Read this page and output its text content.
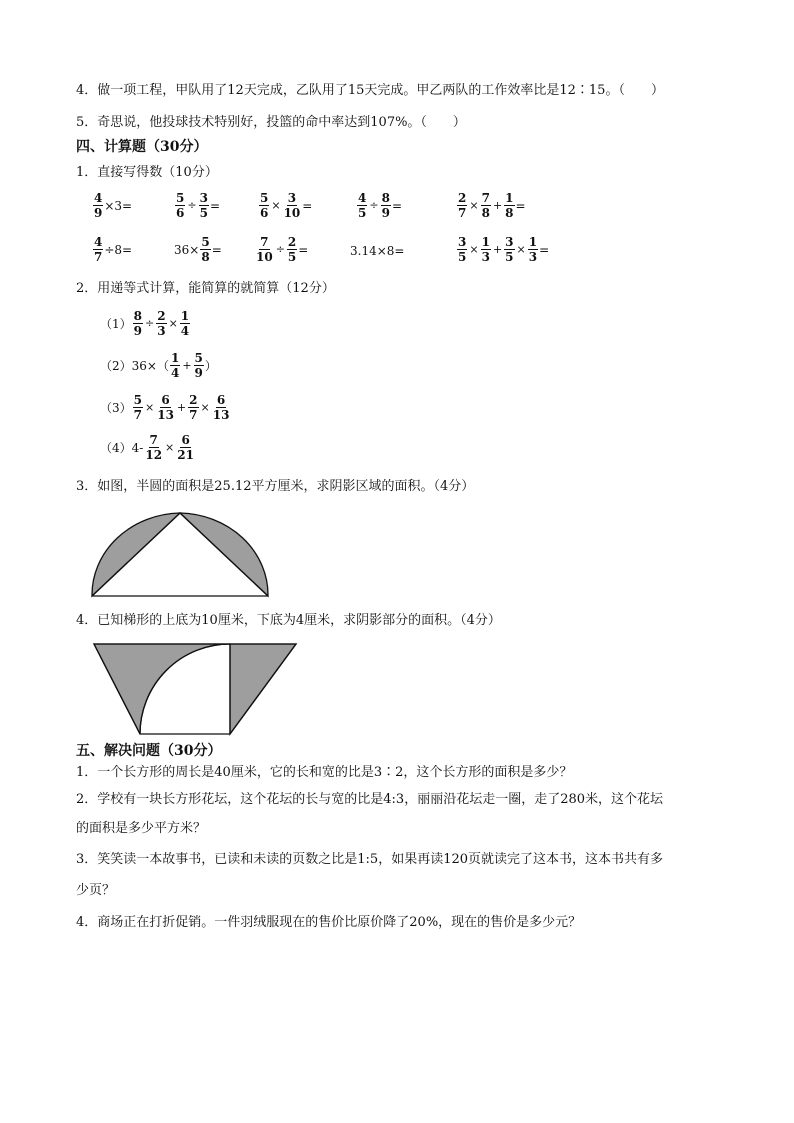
4．做一项工程，甲队用了12天完成，乙队用了15天完成。甲乙两队的工作效率比是12∶15。（　　）
5．奇思说，他投球技术特别好，投篮的命中率达到107%。（　　）
四、计算题（30分）
1．直接写得数（10分）
$\frac{4}{9} \times 3=$	$\frac{5}{6} \div \frac{3}{5}$ =	$\frac{5}{6} \times \frac{3}{10}$ =	$\frac{4}{5} \div \frac{8}{9}$ =	$\frac{2}{7} \times \frac{7}{8} + \frac{1}{8}$ =
$\frac{4}{7} \div 8=$	$36\times \frac{5}{8}$ =	$\frac{7}{10} \div \frac{2}{5}$ =	3.14×8=	$\frac{3}{5} \times \frac{1}{3} + \frac{3}{5} \times \frac{1}{3}$ =
2．用递等式计算，能简算的就简算（12分）
$(1) \frac{8}{9} \div \frac{2}{3} \times \frac{1}{4}$
（2） $36\times( \frac{1}{4} + \frac{5}{9}$ ）
$(3) \frac{5}{7} \times \frac{6}{13} + \frac{2}{7} \times \frac{6}{13}$
（4） $4- \frac{7}{12} \times \frac{6}{21}$
3．如图，半圆的面积是25.12平方厘米，求阴影区域的面积。（4分）
4．已知梯形的上底为10厘米，下底为4厘米，求阴影部分的面积。（4分）
五、解决问题（30分）
1．一个长方形的周长是40厘米，它的长和宽的比是3∶2，这个长方形的面积是多少？
2．学校有一块长方形花坛，这个花坛的长与宽的比是4:3，丽丽沿花坛走一圈，走了280米，这个花坛
的面积是多少平方米？
3．笑笑读一本故事书，已读和未读的页数之比是1:5，如果再读120页就读完了这本书，这本书共有多
少页？
4．商场正在打折促销。一件羽绒服现在的售价比原价降了20%，现在的售价是多少元？
